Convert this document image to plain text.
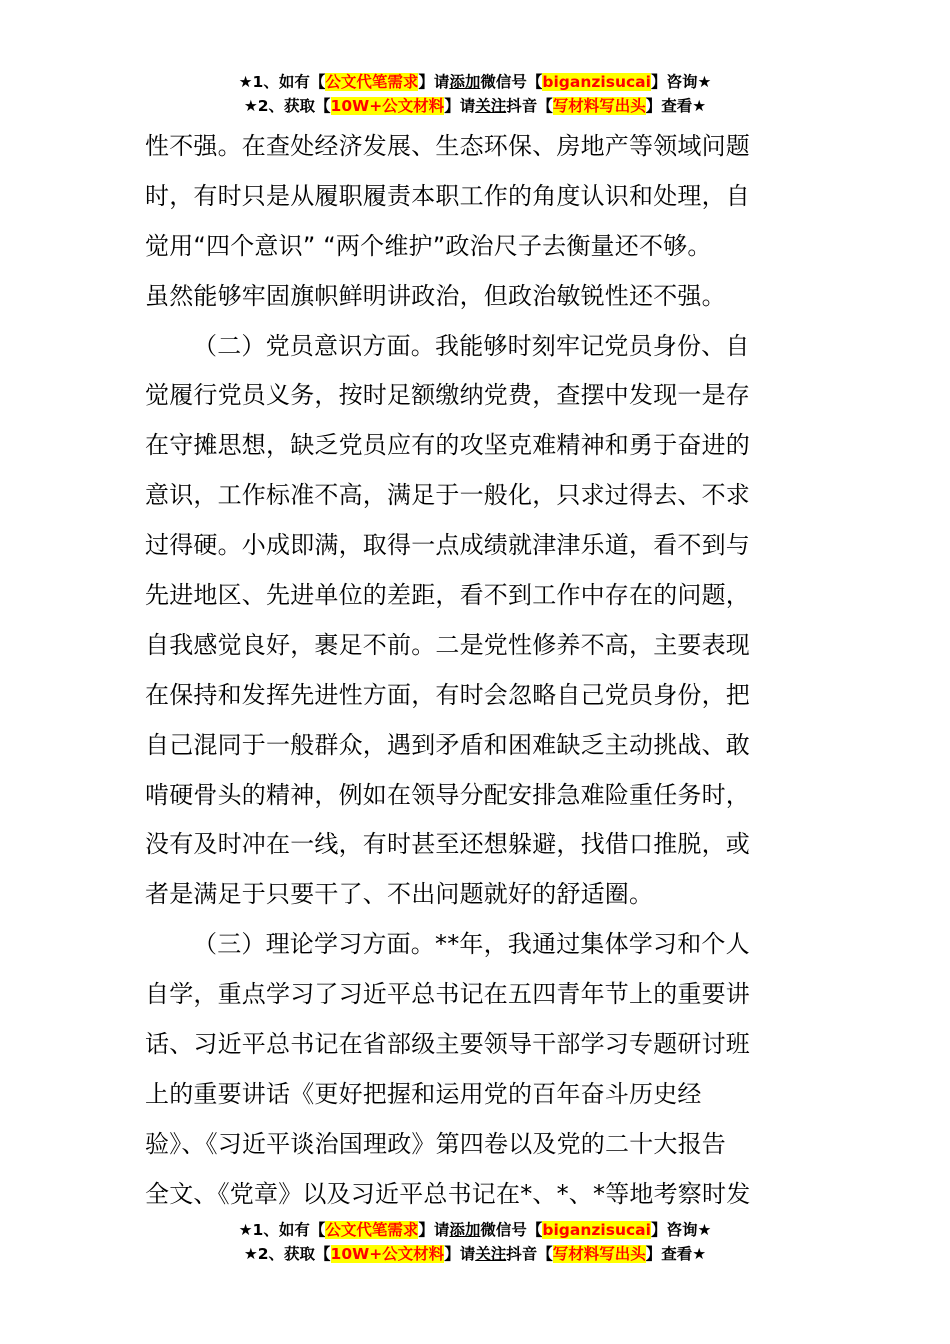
★1、如有【公文代笔需求】请添加微信号【biganzisucai】咨询★
★2、获取【10W+公文材料】请关注抖音【写材料写出头】查看★
性不强。在查处经济发展、生态环保、房地产等领域问题
时，有时只是从履职履责本职工作的角度认识和处理，自
觉用“四个意识” “两个维护”政治尺子去衡量还不够。
虽然能够牢固旗帜鲜明讲政治，但政治敏锐性还不强。
（二）党员意识方面。我能够时刻牢记党员身份、自
觉履行党员义务，按时足额缴纳党费，查摆中发现一是存
在守摊思想，缺乏党员应有的攻坚克难精神和勇于奋进的
意识，工作标准不高，满足于一般化，只求过得去、不求
过得硬。小成即满，取得一点成绩就津津乐道，看不到与
先进地区、先进单位的差距，看不到工作中存在的问题，
自我感觉良好，裹足不前。二是党性修养不高，主要表现
在保持和发挥先进性方面，有时会忽略自己党员身份，把
自己混同于一般群众，遇到矛盾和困难缺乏主动挑战、敢
啃硬骨头的精神，例如在领导分配安排急难险重任务时，
没有及时冲在一线，有时甚至还想躲避，找借口推脱，或
者是满足于只要干了、不出问题就好的舒适圈。
（三）理论学习方面。**年，我通过集体学习和个人
自学，重点学习了习近平总书记在五四青年节上的重要讲
话、习近平总书记在省部级主要领导干部学习专题研讨班
上的重要讲话《更好把握和运用党的百年奋斗历史经
验》、《习近平谈治国理政》第四卷以及党的二十大报告
全文、《党章》以及习近平总书记在*、*、*等地考察时发
★1、如有【公文代笔需求】请添加微信号【biganzisucai】咨询★
★2、获取【10W+公文材料】请关注抖音【写材料写出头】查看★
